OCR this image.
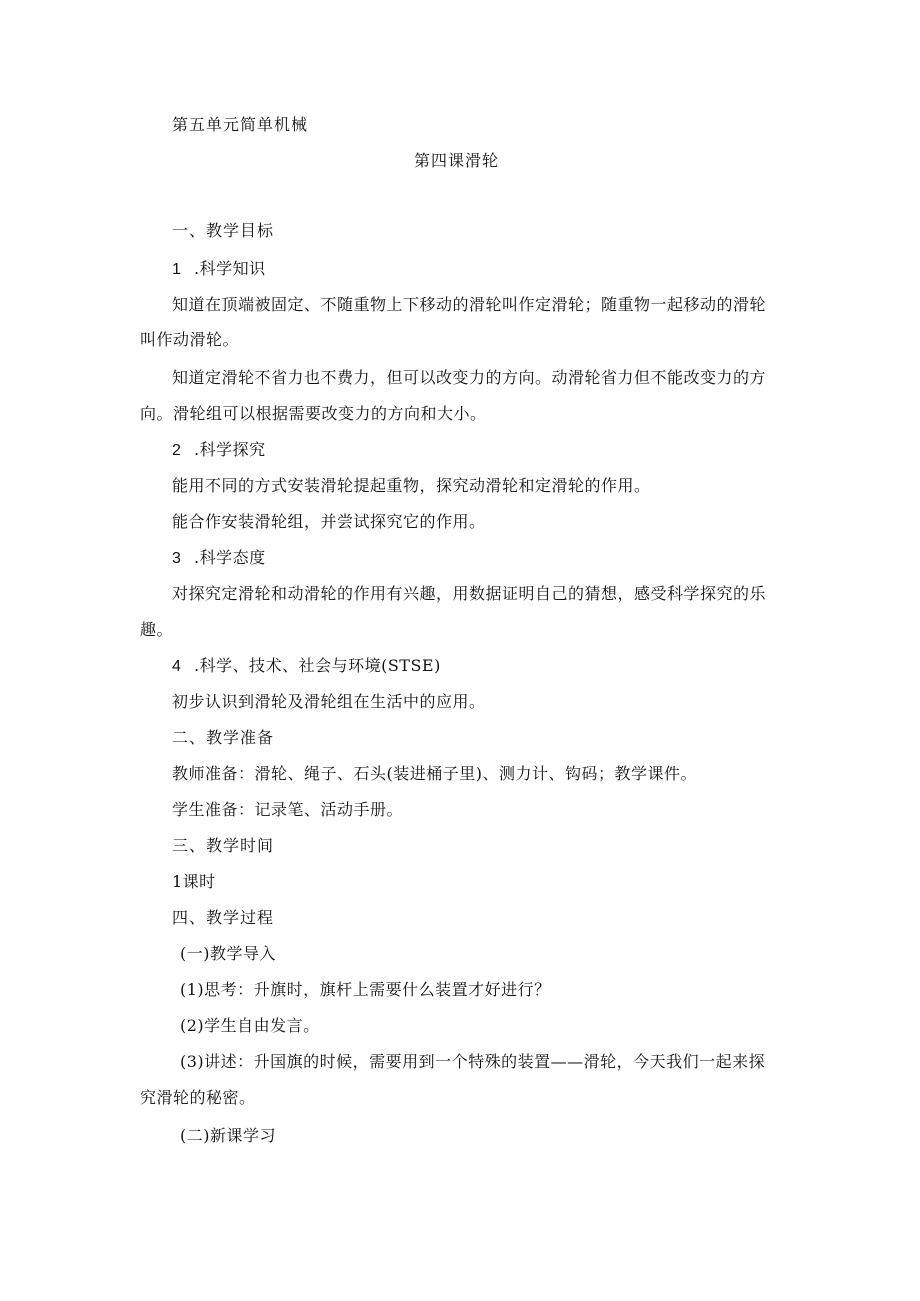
第五单元简单机械
第四课滑轮
一、教学目标
1 .科学知识
知道在顶端被固定、不随重物上下移动的滑轮叫作定滑轮；随重物一起移动的滑轮
叫作动滑轮。
知道定滑轮不省力也不费力，但可以改变力的方向。动滑轮省力但不能改变力的方
向。滑轮组可以根据需要改变力的方向和大小。
2 .科学探究
能用不同的方式安装滑轮提起重物，探究动滑轮和定滑轮的作用。
能合作安装滑轮组，并尝试探究它的作用。
3 .科学态度
对探究定滑轮和动滑轮的作用有兴趣，用数据证明自己的猜想，感受科学探究的乐
趣。
4 .科学、技术、社会与环境(STSE)
初步认识到滑轮及滑轮组在生活中的应用。
二、教学准备
教师准备：滑轮、绳子、石头(装进桶子里)、测力计、钩码；教学课件。
学生准备：记录笔、活动手册。
三、教学时间
1课时
四、教学过程
(一)教学导入
(1)思考：升旗时，旗杆上需要什么装置才好进行？
(2)学生自由发言。
(3)讲述：升国旗的时候，需要用到一个特殊的装置——滑轮，今天我们一起来探
究滑轮的秘密。
(二)新课学习
